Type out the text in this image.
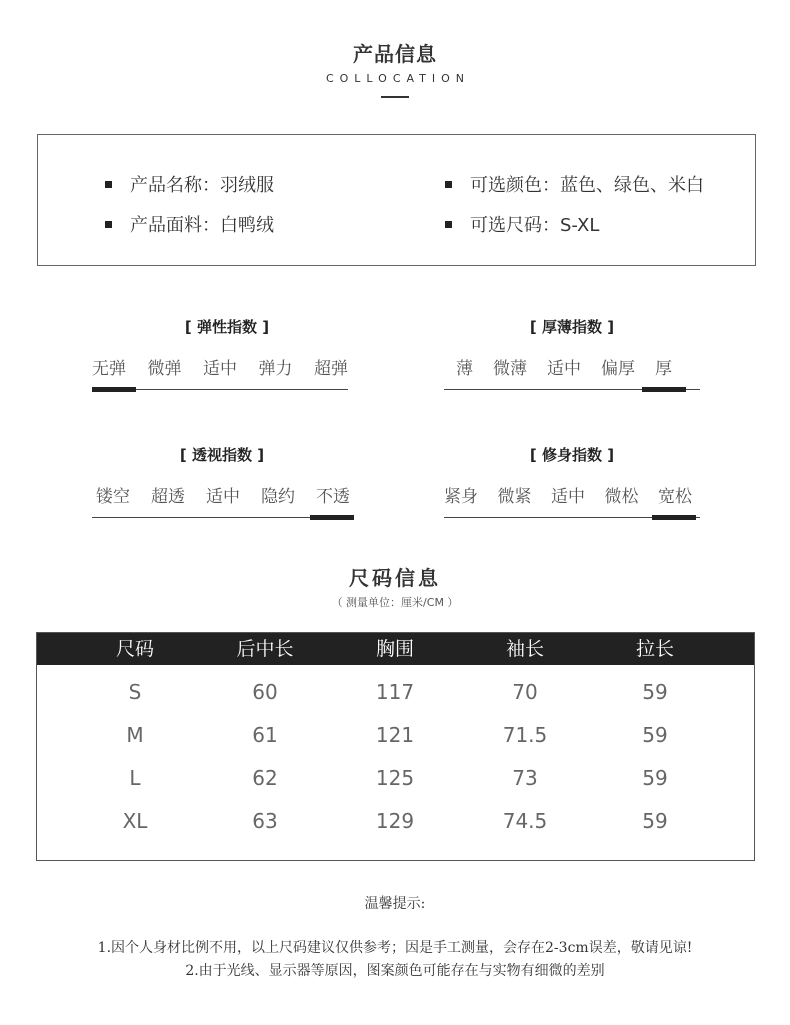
产品信息
COLLOCATION
产品名称：羽绒服
产品面料：白鸭绒
可选颜色：蓝色、绿色、米白
可选尺码：S-XL
[ 弹性指数 ]
无弹 微弹 适中 弹力 超弹
[ 厚薄指数 ]
薄 微薄 适中 偏厚 厚
[ 透视指数 ]
镂空 超透 适中 隐约 不透
[ 修身指数 ]
紧身 微紧 适中 微松 宽松
尺码信息
（ 测量单位：厘米/CM ）
尺码	后中长	胸围	袖长	拉长
S	60	117	70	59
M	61	121	71.5	59
L	62	125	73	59
XL	63	129	74.5	59
温馨提示:
1.因个人身材比例不用，以上尺码建议仅供参考；因是手工测量，会存在2-3cm误差，敬请见谅!
2.由于光线、显示器等原因，图案颜色可能存在与实物有细微的差别
